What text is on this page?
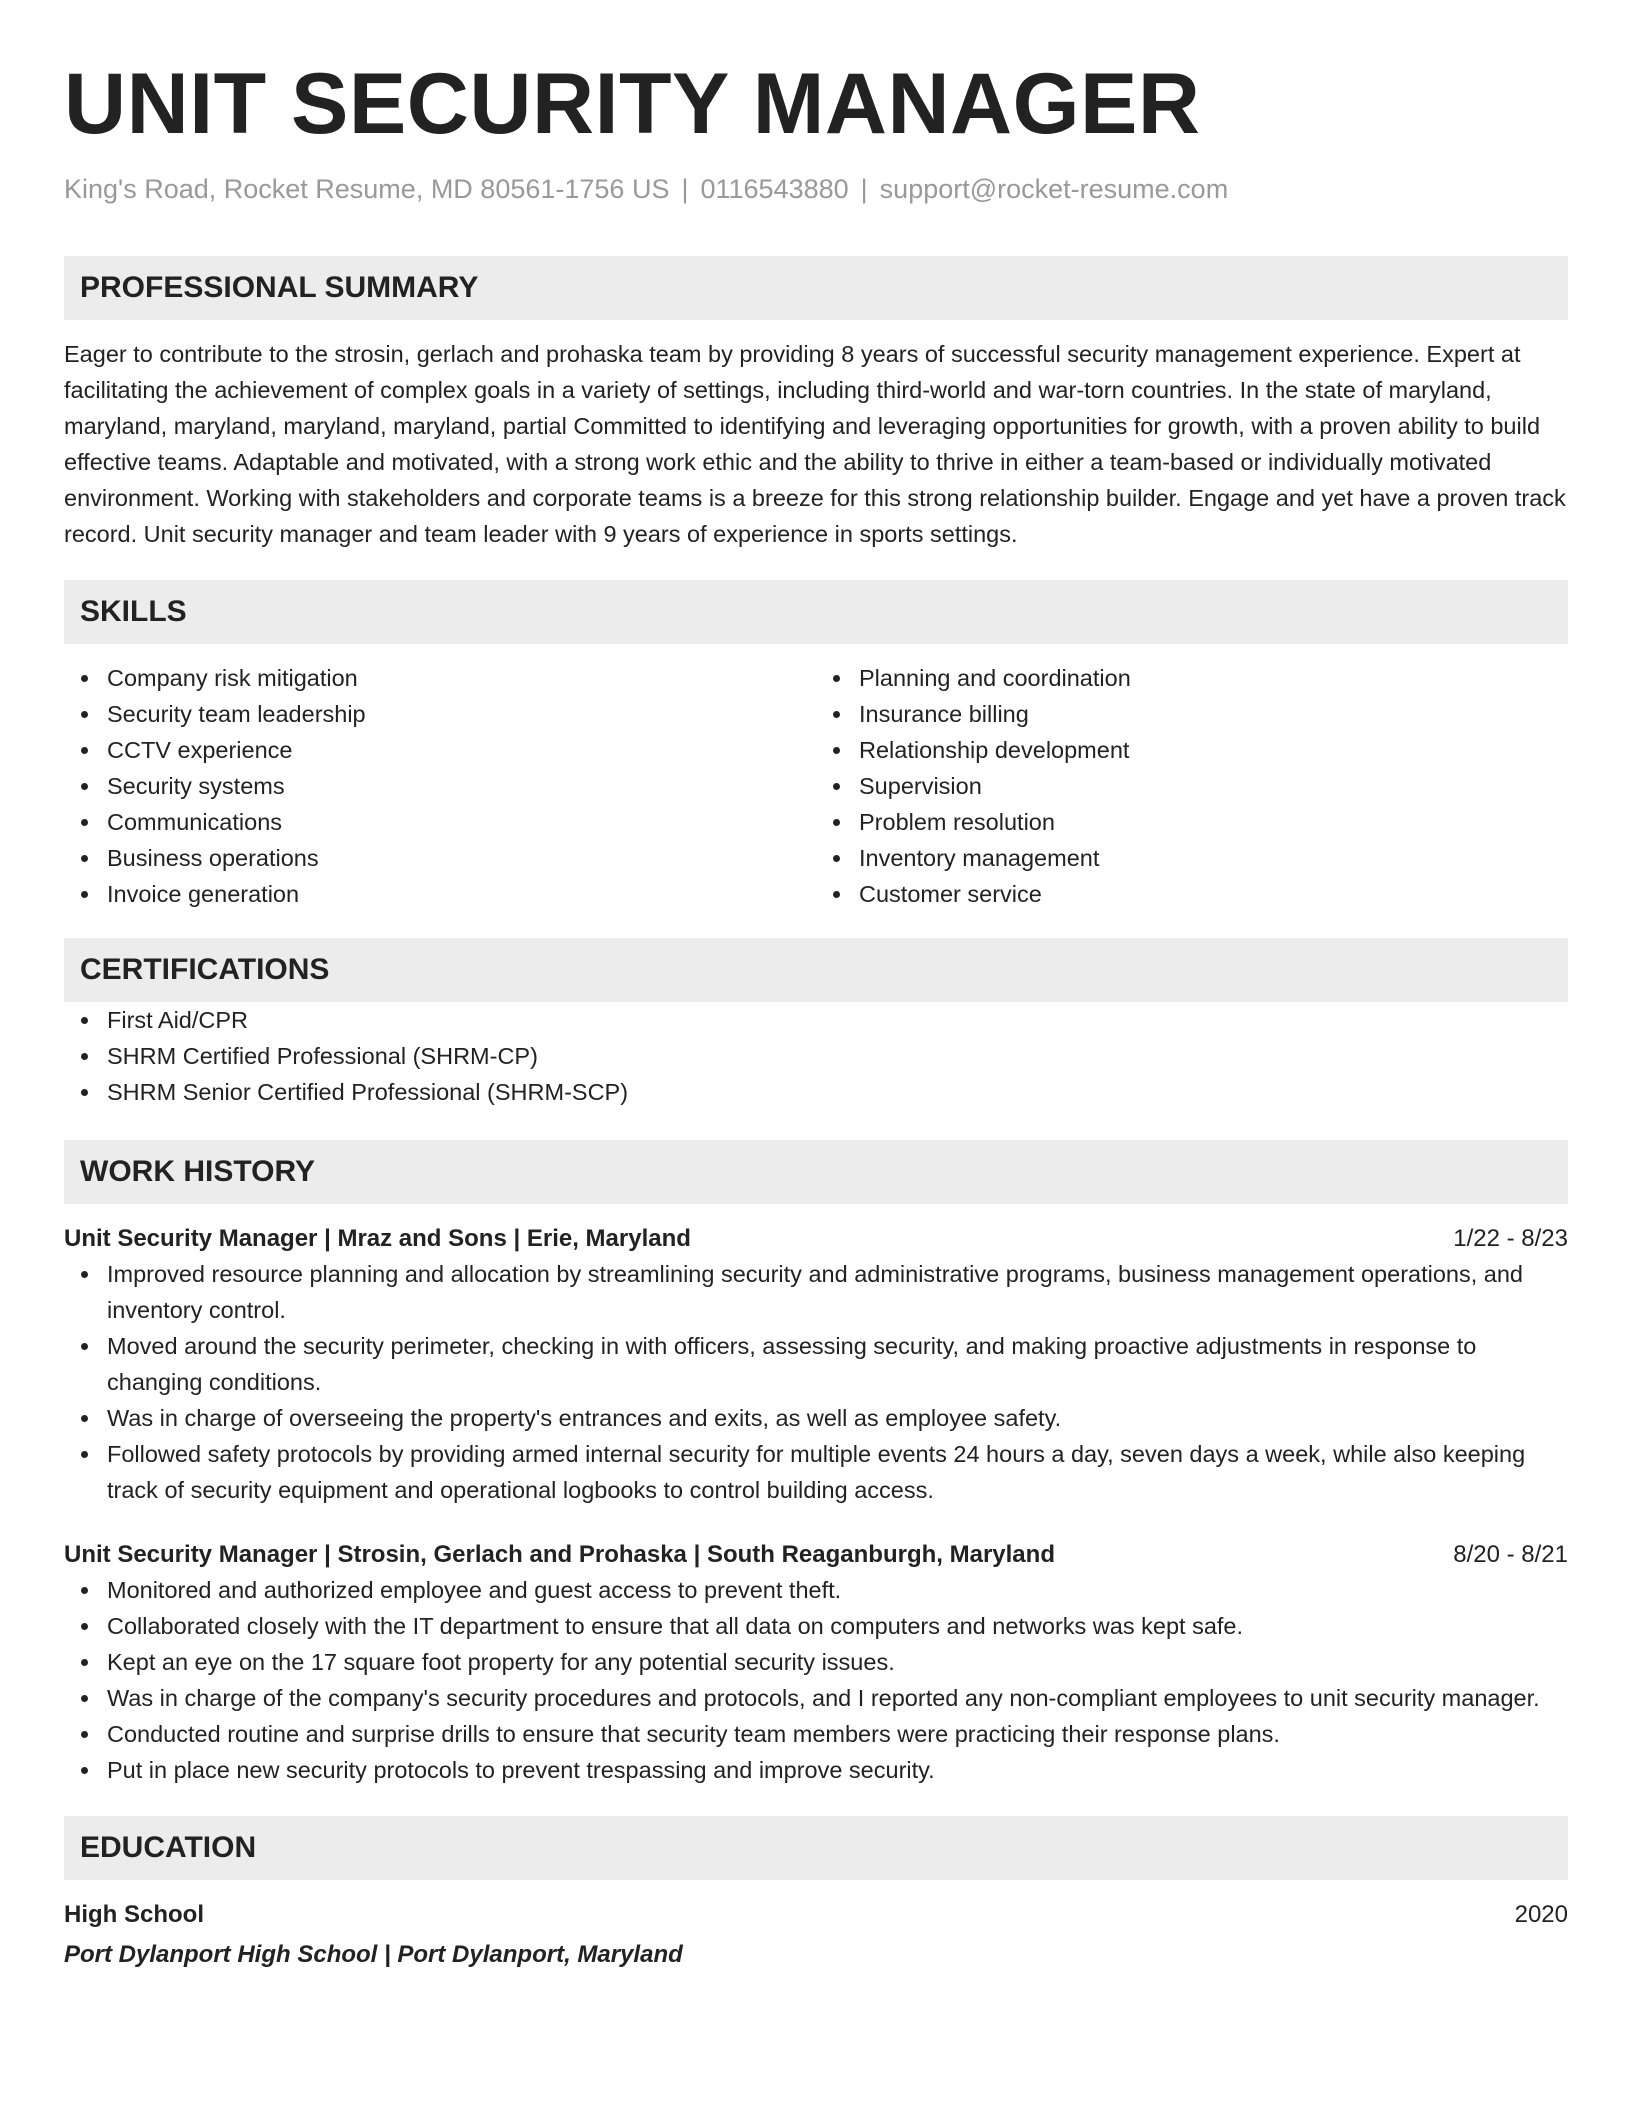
UNIT SECURITY MANAGER
King's Road, Rocket Resume, MD 80561-1756 US | 0116543880 | support@rocket-resume.com
PROFESSIONAL SUMMARY
Eager to contribute to the strosin, gerlach and prohaska team by providing 8 years of successful security management experience. Expert at facilitating the achievement of complex goals in a variety of settings, including third-world and war-torn countries. In the state of maryland, maryland, maryland, maryland, maryland, partial Committed to identifying and leveraging opportunities for growth, with a proven ability to build effective teams. Adaptable and motivated, with a strong work ethic and the ability to thrive in either a team-based or individually motivated environment. Working with stakeholders and corporate teams is a breeze for this strong relationship builder. Engage and yet have a proven track record. Unit security manager and team leader with 9 years of experience in sports settings.
SKILLS
Company risk mitigation
Security team leadership
CCTV experience
Security systems
Communications
Business operations
Invoice generation
Planning and coordination
Insurance billing
Relationship development
Supervision
Problem resolution
Inventory management
Customer service
CERTIFICATIONS
First Aid/CPR
SHRM Certified Professional (SHRM-CP)
SHRM Senior Certified Professional (SHRM-SCP)
WORK HISTORY
Unit Security Manager | Mraz and Sons | Erie, Maryland	1/22 - 8/23
Improved resource planning and allocation by streamlining security and administrative programs, business management operations, and inventory control.
Moved around the security perimeter, checking in with officers, assessing security, and making proactive adjustments in response to changing conditions.
Was in charge of overseeing the property's entrances and exits, as well as employee safety.
Followed safety protocols by providing armed internal security for multiple events 24 hours a day, seven days a week, while also keeping track of security equipment and operational logbooks to control building access.
Unit Security Manager | Strosin, Gerlach and Prohaska | South Reaganburgh, Maryland	8/20 - 8/21
Monitored and authorized employee and guest access to prevent theft.
Collaborated closely with the IT department to ensure that all data on computers and networks was kept safe.
Kept an eye on the 17 square foot property for any potential security issues.
Was in charge of the company's security procedures and protocols, and I reported any non-compliant employees to unit security manager.
Conducted routine and surprise drills to ensure that security team members were practicing their response plans.
Put in place new security protocols to prevent trespassing and improve security.
EDUCATION
High School	2020
Port Dylanport High School | Port Dylanport, Maryland
